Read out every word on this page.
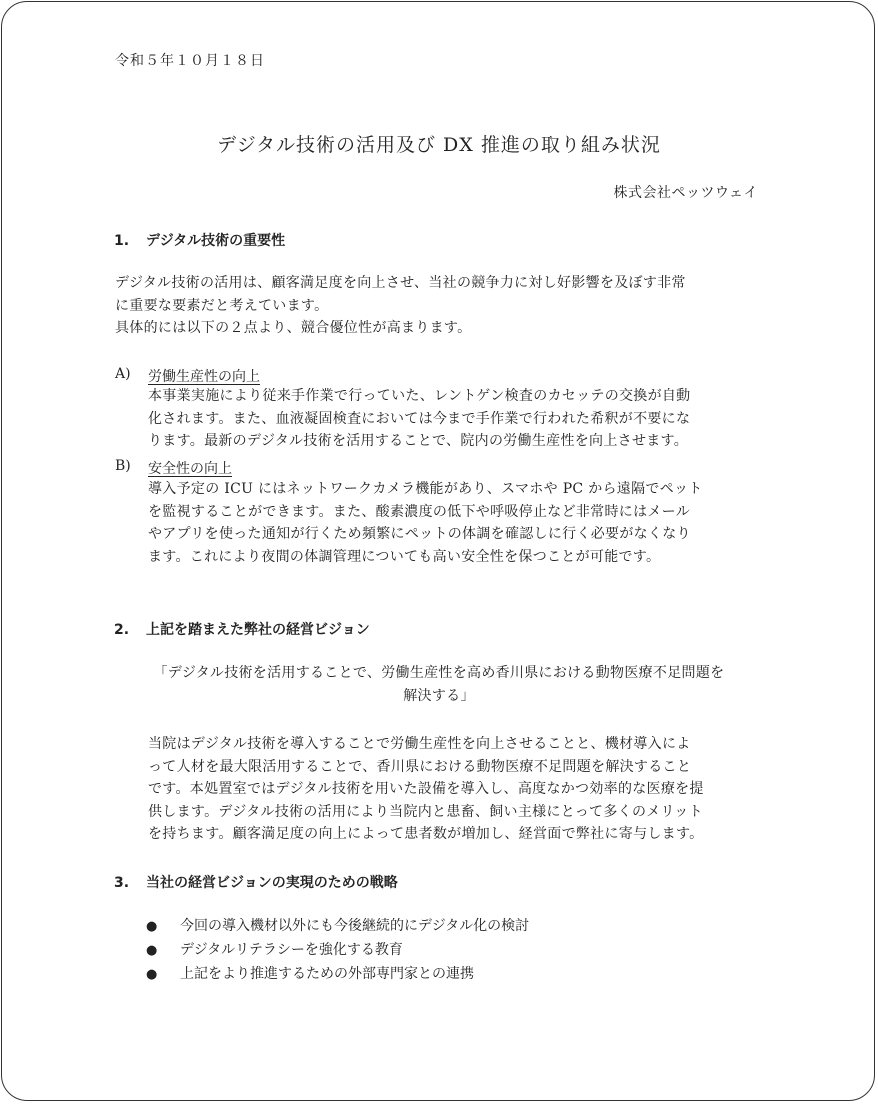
令和５年１０月１８日
デジタル技術の活用及び DX 推進の取り組み状況
株式会社ペッツウェイ
1. デジタル技術の重要性
デジタル技術の活用は、顧客満足度を向上させ、当社の競争力に対し好影響を及ぼす非常
に重要な要素だと考えています。
具体的には以下の２点より、競合優位性が高まります。
A) 労働生産性の向上
本事業実施により従来手作業で行っていた、レントゲン検査のカセッテの交換が自動
化されます。また、血液凝固検査においては今まで手作業で行われた希釈が不要にな
ります。最新のデジタル技術を活用することで、院内の労働生産性を向上させます。
B) 安全性の向上
導入予定の ICU にはネットワークカメラ機能があり、スマホや PC から遠隔でペット
を監視することができます。また、酸素濃度の低下や呼吸停止など非常時にはメール
やアプリを使った通知が行くため頻繁にペットの体調を確認しに行く必要がなくなり
ます。これにより夜間の体調管理についても高い安全性を保つことが可能です。
2. 上記を踏まえた弊社の経営ビジョン
「デジタル技術を活用することで、労働生産性を高め香川県における動物医療不足問題を
解決する」
当院はデジタル技術を導入することで労働生産性を向上させることと、機材導入によ
って人材を最大限活用することで、香川県における動物医療不足問題を解決すること
です。本処置室ではデジタル技術を用いた設備を導入し、高度なかつ効率的な医療を提
供します。デジタル技術の活用により当院内と患畜、飼い主様にとって多くのメリット
を持ちます。顧客満足度の向上によって患者数が増加し、経営面で弊社に寄与します。
3. 当社の経営ビジョンの実現のための戦略
● 今回の導入機材以外にも今後継続的にデジタル化の検討
● デジタルリテラシーを強化する教育
● 上記をより推進するための外部専門家との連携
